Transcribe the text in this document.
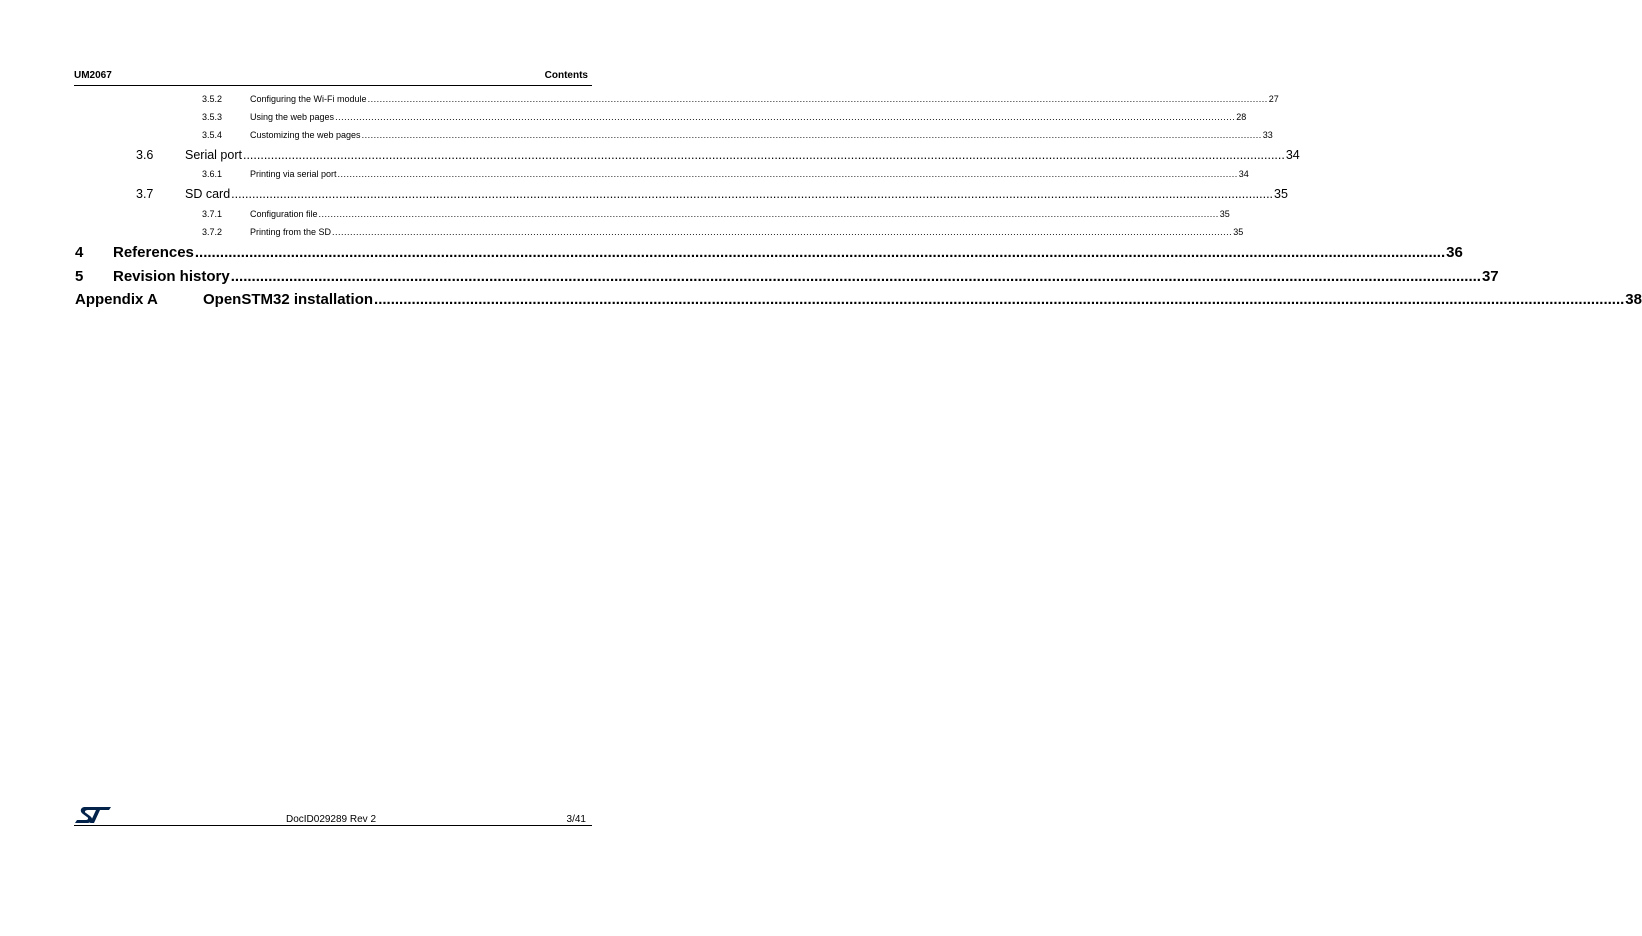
UM2067	Contents
3.5.2	Configuring the Wi-Fi module ............................................................................................................................................................................................................................................................................................................ 27
3.5.3	Using the web pages ............................................................................................................................................................................................................................................................................................................ 28
3.5.4	Customizing the web pages ............................................................................................................................................................................................................................................................................................................ 33
3.6	Serial port ............................................................................................................................................................................................................................................................................................................ 34
3.6.1	Printing via serial port ............................................................................................................................................................................................................................................................................................................ 34
3.7	SD card ............................................................................................................................................................................................................................................................................................................ 35
3.7.1	Configuration file ............................................................................................................................................................................................................................................................................................................ 35
3.7.2	Printing from the SD ............................................................................................................................................................................................................................................................................................................ 35
4	References ............................................................................................................................................................................................................................................................................................................ 36
5	Revision history ............................................................................................................................................................................................................................................................................................................ 37
Appendix A	OpenSTM32 installation ............................................................................................................................................................................................................................................................................................................ 38
DocID029289 Rev 2	3/41
